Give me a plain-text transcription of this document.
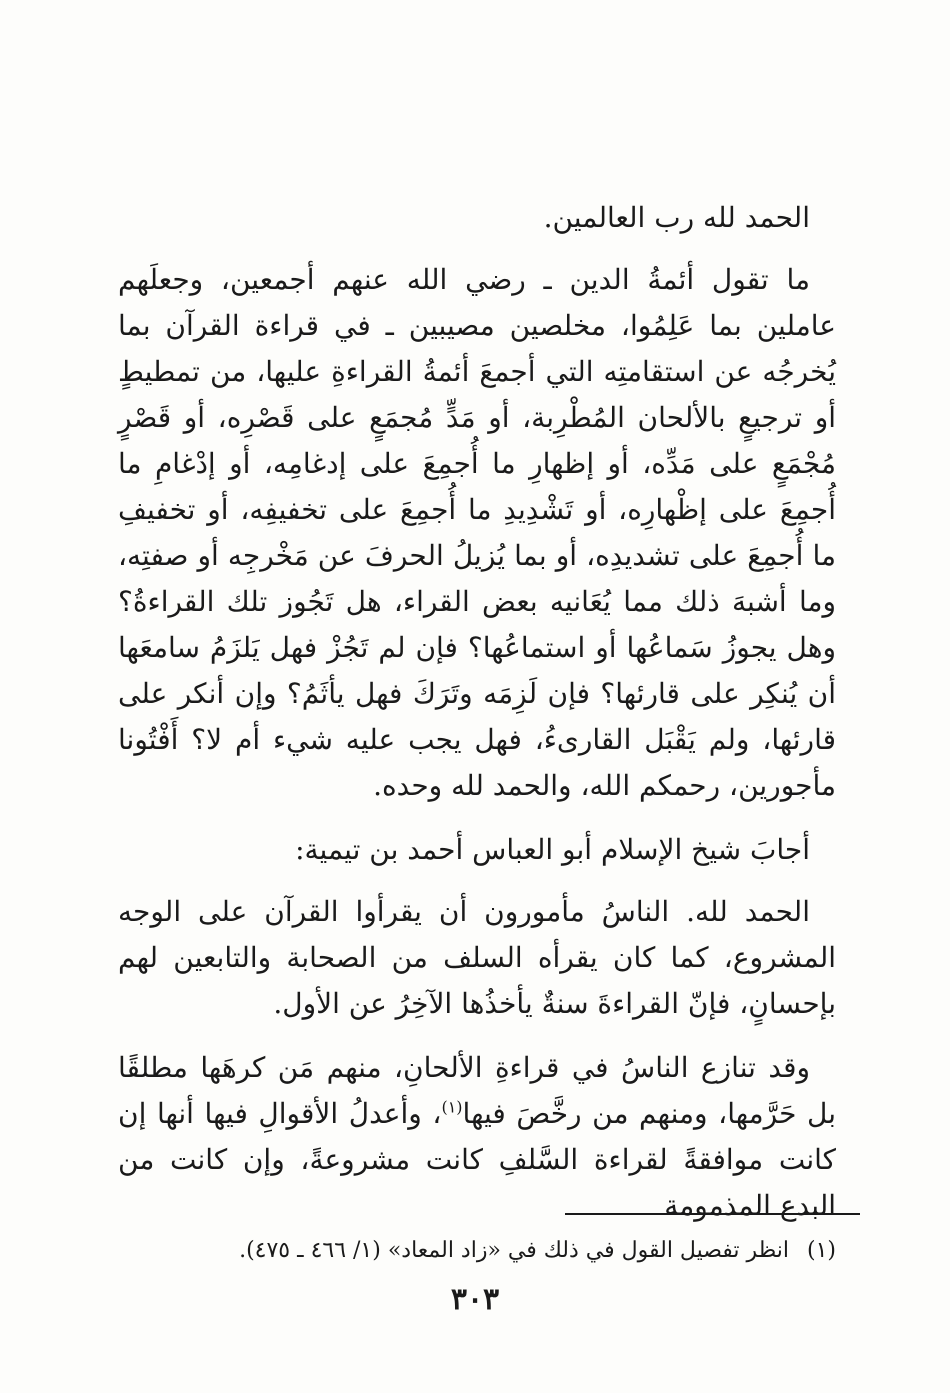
الحمد لله رب العالمين.

ما تقول أئمةُ الدين ـ رضي الله عنهم أجمعين، وجعلَهم عاملين بما عَلِمُوا، مخلصين مصيبين ـ في قراءة القرآن بما يُخرجُه عن استقامتِه التي أجمعَ أئمةُ القراءةِ عليها، من تمطيطٍ أو ترجيعٍ بالألحان المُطْرِبة، أو مَدٍّ مُجمَعٍ على قَصْرِه، أو قَصْرٍ مُجْمَعٍ على مَدِّه، أو إظهارِ ما أُجمِعَ على إدغامِه، أو إدْغامِ ما أُجمِعَ على إظْهارِه، أو تَشْدِيدِ ما أُجمِعَ على تخفيفِه، أو تخفيفِ ما أُجمِعَ على تشديدِه، أو بما يُزيلُ الحرفَ عن مَخْرجِه أو صفتِه، وما أشبهَ ذلك مما يُعَانيه بعض القراء، هل تَجُوز تلك القراءةُ؟ وهل يجوزُ سَماعُها أو استماعُها؟ فإن لم تَجُزْ فهل يَلزَمُ سامعَها أن يُنكِر على قارئها؟ فإن لَزِمَه وتَرَكَ فهل يأثَمُ؟ وإن أنكر على قارئها، ولم يَقْبَل القارىءُ، فهل يجب عليه شيء أم لا؟ أَفْتُونا مأجورين، رحمكم الله، والحمد لله وحده.

أجابَ شيخ الإسلام أبو العباس أحمد بن تيمية:

الحمد لله. الناسُ مأمورون أن يقرأوا القرآن على الوجه المشروع، كما كان يقرأه السلف من الصحابة والتابعين لهم بإحسانٍ، فإنّ القراءةَ سنةٌ يأخذُها الآخِرُ عن الأول.

وقد تنازع الناسُ في قراءةِ الألحانِ، منهم مَن كرهَها مطلقًا بل حَرَّمها، ومنهم من رخَّصَ فيها$^{(١)}$، وأعدلُ الأقوالِ فيها أنها إن كانت موافقةً لقراءة السَّلفِ كانت مشروعةً، وإن كانت من البدع المذمومة

(١)انظر تفصيل القول في ذلك في «زاد المعاد» (١/ ٤٦٦ ـ ٤٧٥).
٣٠٣
